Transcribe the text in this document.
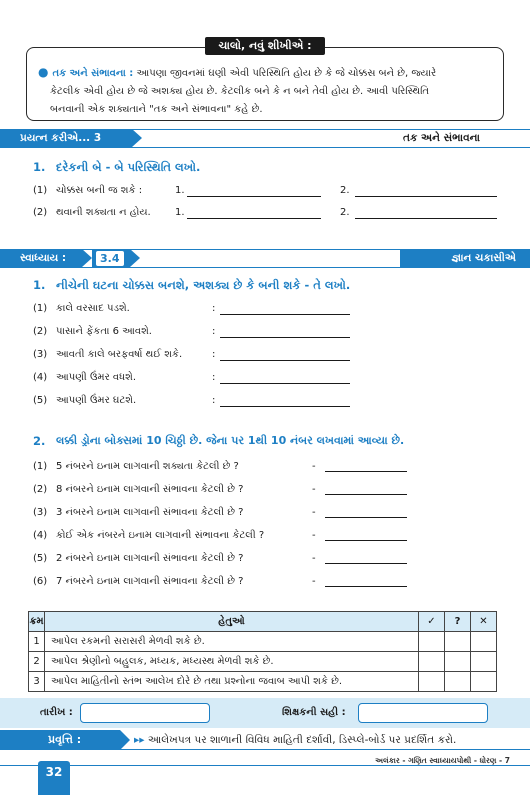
ચાલો, નવું શીખીએ :
● તક અને સંભાવના : આપણા જીવનમાં ઘણી એવી પરિસ્થિતિ હોય છે કે જે ચોક્કસ બને છે, જ્યારે
કેટલીક એવી હોય છે જે અશક્ય હોય છે. કેટલીક બને કે ન બને તેવી હોય છે. આવી પરિસ્થિતિ
બનવાની એક શક્યતાને "તક અને સંભાવના" કહે છે.
પ્રયત્ન કરીએ... 3	તક અને સંભાવના
1. દરેકની બે - બે પરિસ્થિતિ લખો.
(1) ચોક્કસ બની જ શકે :	1.	2.
(2) થવાની શક્યતા ન હોય. 1.	2.
સ્વાધ્યાય :	3.4	જ્ઞાન ચકાસીએ
1. નીચેની ઘટના ચોક્કસ બનશે, અશક્ય છે કે બની શકે - તે લખો.
(1) કાલે વરસાદ પડશે.	:
(2) પાસાને ફેંકતા 6 આવશે.	:
(3) આવતી કાલે બરફવર્ષા થઈ શકે.	:
(4) આપણી ઉંમર વધશે.	:
(5) આપણી ઉંમર ઘટશે.	:
2. લક્કી ડ્રોના બોક્સમાં 10 ચિઠ્ઠી છે. જેના પર 1થી 10 નંબર લખવામાં આવ્યા છે.
(1) 5 નંબરને ઇનામ લાગવાની શક્યતા કેટલી છે ?	-
(2) 8 નંબરને ઇનામ લાગવાની સંભાવના કેટલી છે ?	-
(3) 3 નંબરને ઇનામ લાગવાની સંભાવના કેટલી છે ?	-
(4) કોઈ એક નંબરને ઇનામ લાગવાની સંભાવના કેટલી ?	-
(5) 2 નંબરને ઇનામ લાગવાની સંભાવના કેટલી છે ?	-
(6) 7 નંબરને ઇનામ લાગવાની સંભાવના કેટલી છે ?	-
ક્રમ	હેતુઓ	✓	?	✕
1	આપેલ રકમની સરાસરી મેળવી શકે છે.			
2	આપેલ શ્રેણીનો બહુલક, મધ્યક, મધ્યસ્થ મેળવી શકે છે.			
3	આપેલ માહિતીનો સ્તંભ આલેખ દોરે છે તથા પ્રશ્નોના જવાબ આપી શકે છે.			
તારીખ :	શિક્ષકની સહી :
પ્રવૃત્તિ :	▸▸ આલેખપત્ર પર શાળાની વિવિધ માહિતી દર્શાવી, ડિસ્પ્લે-બોર્ડ પર પ્રદર્શિત કરો.
32
અલંકાર - ગણિત સ્વાધ્યાયપોથી - ધોરણ - 7
